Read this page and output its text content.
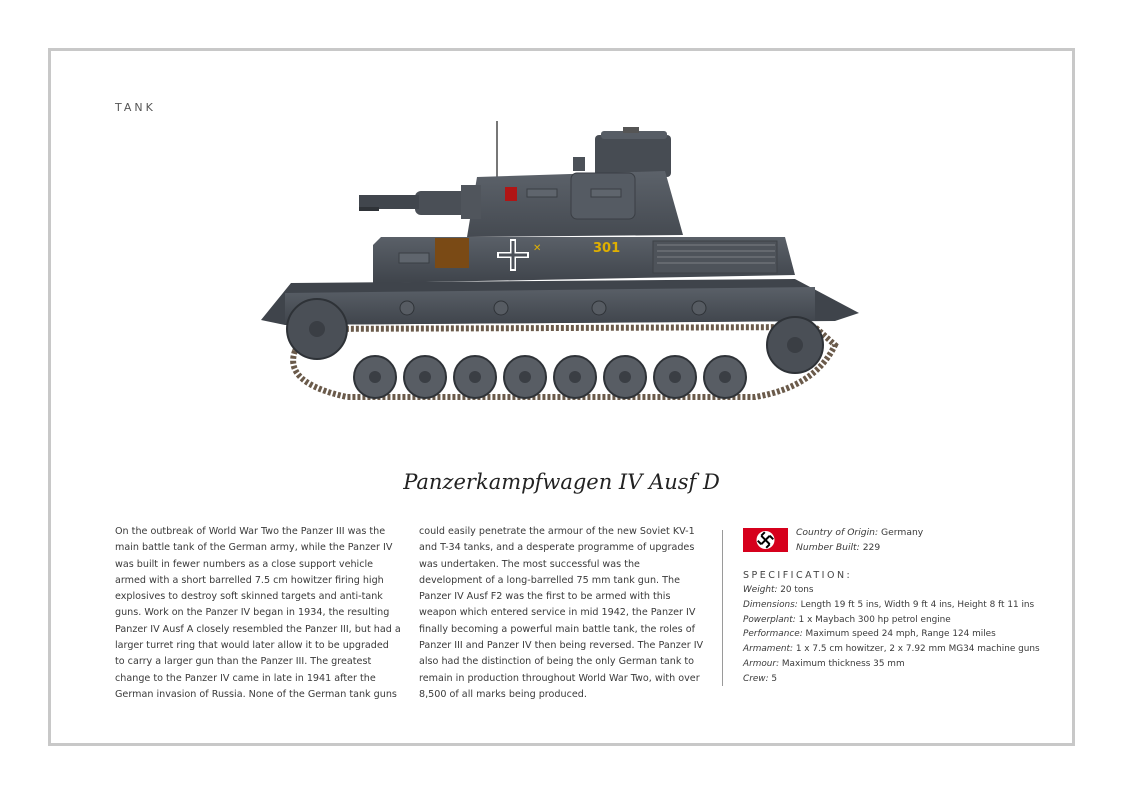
TANK
✕	301
Panzerkampfwagen IV Ausf D
On the outbreak of World War Two the Panzer III was the main battle tank of the German army, while the Panzer IV was built in fewer numbers as a close support vehicle armed with a short barrelled 7.5 cm howitzer firing high explosives to destroy soft skinned targets and anti-tank guns. Work on the Panzer IV began in 1934, the resulting Panzer IV Ausf A closely resembled the Panzer III, but had a larger turret ring that would later allow it to be upgraded to carry a larger gun than the Panzer III. The greatest change to the Panzer IV came in late in 1941 after the German invasion of Russia. None of the German tank guns
could easily penetrate the armour of the new Soviet KV-1 and T-34 tanks, and a desperate programme of upgrades was undertaken. The most successful was the development of a long-barrelled 75 mm tank gun. The Panzer IV Ausf F2 was the first to be armed with this weapon which entered service in mid 1942, the Panzer IV finally becoming a powerful main battle tank, the roles of Panzer III and Panzer IV then being reversed. The Panzer IV also had the distinction of being the only German tank to remain in production throughout World War Two, with over 8,500 of all marks being produced.
Country of Origin: Germany
Number Built: 229
SPECIFICATION:
Weight: 20 tons
Dimensions: Length 19 ft 5 ins, Width 9 ft 4 ins, Height 8 ft 11 ins
Powerplant: 1 x Maybach 300 hp petrol engine
Performance: Maximum speed 24 mph, Range 124 miles
Armament: 1 x 7.5 cm howitzer, 2 x 7.92 mm MG34 machine guns
Armour: Maximum thickness 35 mm
Crew: 5
